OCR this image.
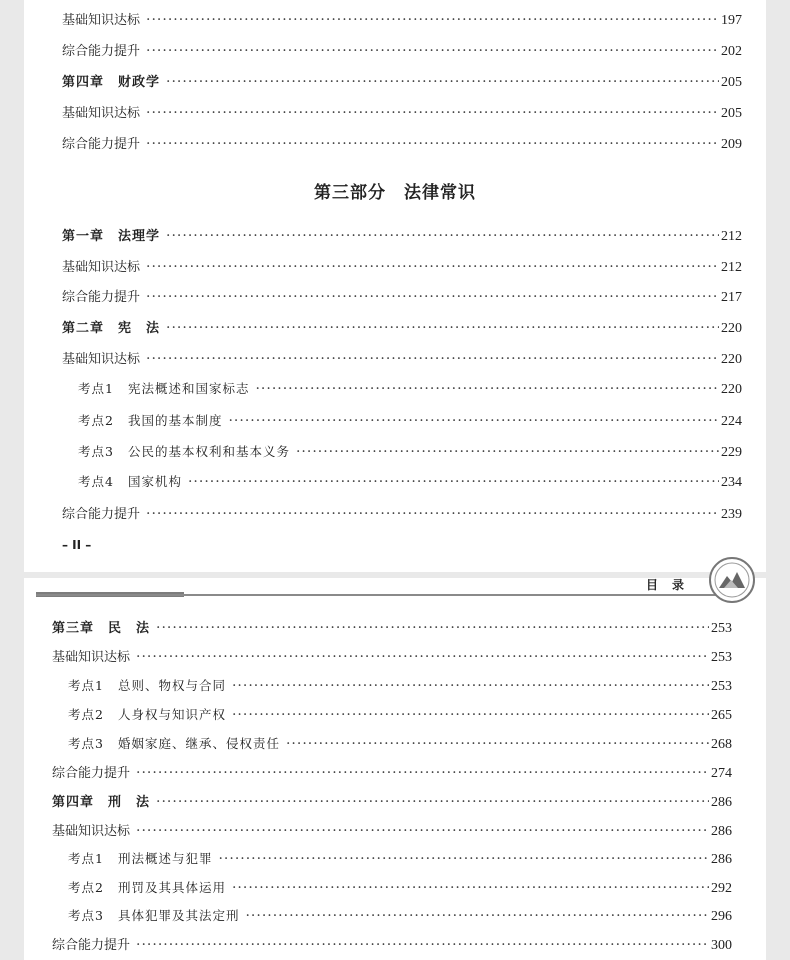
基础知识达标 ·····	197
综合能力提升 ·····	202
第四章　财政学 ·····	205
基础知识达标 ·····	205
综合能力提升 ·····	209
第三部分 法律常识
第一章　法理学 ·····	212
基础知识达标 ·····	212
综合能力提升 ·····	217
第二章　宪　法 ·····	220
基础知识达标 ·····	220
考点1 宪法概述和国家标志 ·····	220
考点2 我国的基本制度 ·····	224
考点3 公民的基本权利和基本义务 ·····	229
考点4 国家机构 ·····	234
综合能力提升 ·····	239
– II –
第三章　民　法 ·····	253
基础知识达标 ·····	253
考点1 总则、物权与合同 ·····	253
考点2 人身权与知识产权 ·····	265
考点3 婚姻家庭、继承、侵权责任 ·····	268
综合能力提升 ·····	274
第四章　刑　法 ·····	286
基础知识达标 ·····	286
考点1 刑法概述与犯罪 ·····	286
考点2 刑罚及其具体运用 ·····	292
考点3 具体犯罪及其法定刑 ·····	296
综合能力提升 ·····	300
目录
